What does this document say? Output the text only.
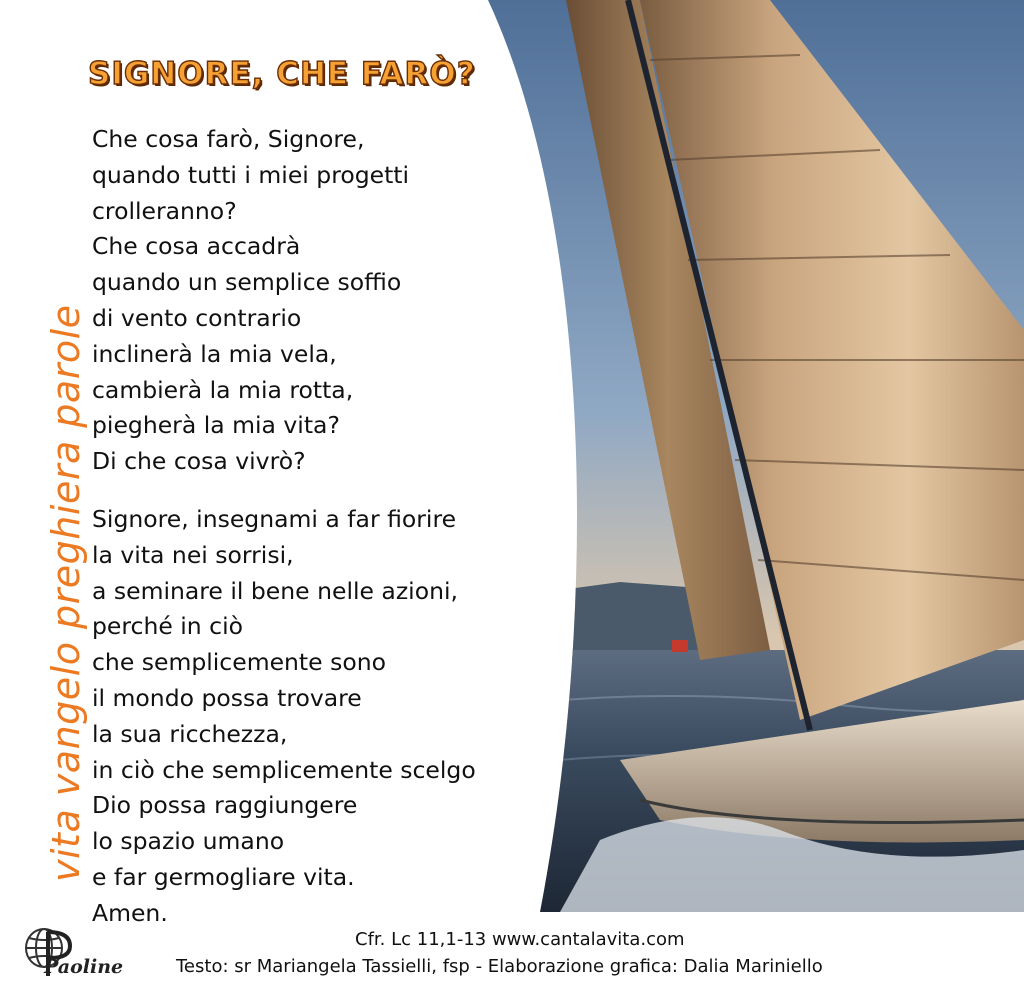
SIGNORE, CHE FARÒ?
vita vangelo preghiera parole
Che cosa farò, Signore,
quando tutti i miei progetti
crolleranno?
Che cosa accadrà
quando un semplice soffio
di vento contrario
inclinerà la mia vela,
cambierà la mia rotta,
piegherà la mia vita?
Di che cosa vivrò?
Signore, insegnami a far fiorire
la vita nei sorrisi,
a seminare il bene nelle azioni,
perché in ciò
che semplicemente sono
il mondo possa trovare
la sua ricchezza,
in ciò che semplicemente scelgo
Dio possa raggiungere
lo spazio umano
e far germogliare vita.
Amen.
Paoline
Cfr. Lc 11,1-13 www.cantalavita.com
Testo: sr Mariangela Tassielli, fsp - Elaborazione grafica: Dalia Mariniello
